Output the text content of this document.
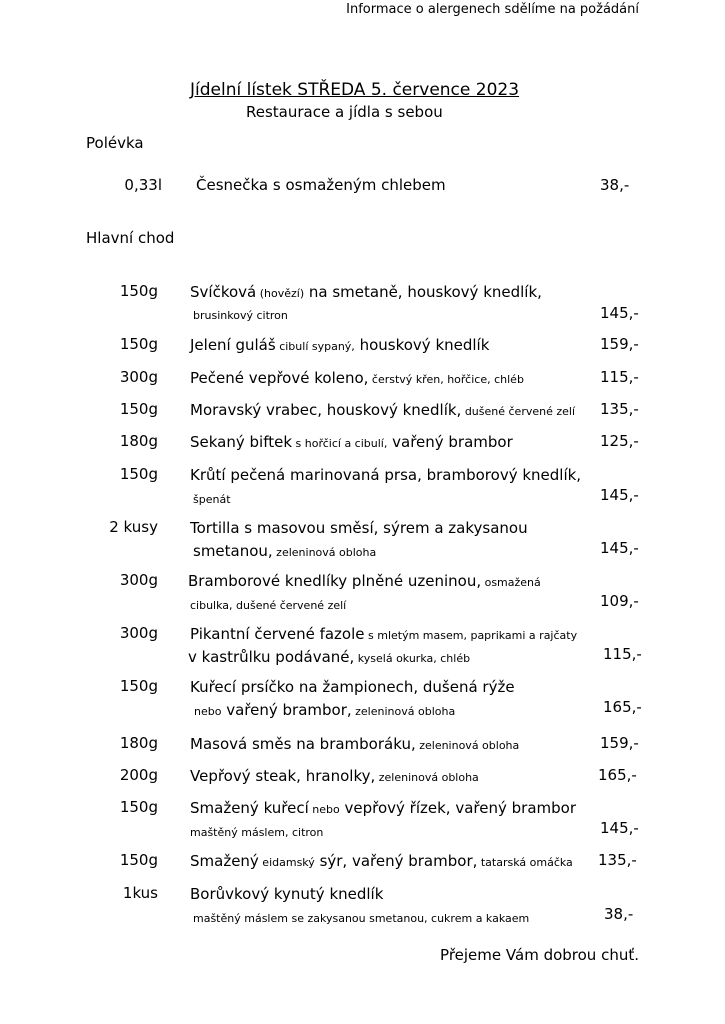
Informace o alergenech sdělíme na požádání
Jídelní lístek STŘEDA 5. července 2023
Restaurace a jídla s sebou
Polévka
0,33l Česnečka s osmaženým chlebem	38,-
Hlavní chod
150g Svíčková (hovězí) na smetaně, houskový knedlík,
brusinkový citron	145,-
150g Jelení guláš cibulí sypaný, houskový knedlík	159,-
300g Pečené vepřové koleno, čerstvý křen, hořčice, chléb	115,-
150g Moravský vrabec, houskový knedlík, dušené červené zelí 135,-
180g Sekaný biftek s hořčicí a cibulí, vařený brambor	125,-
150g Krůtí pečená marinovaná prsa, bramborový knedlík,
špenát	145,-
2 kusy Tortilla s masovou směsí, sýrem a zakysanou
smetanou, zeleninová obloha	145,-
300g Bramborové knedlíky plněné uzeninou, osmažená
cibulka, dušené červené zelí	109,-
300g Pikantní červené fazole s mletým masem, paprikami a rajčaty
v kastrůlku podávané, kyselá okurka, chléb	115,-
150g Kuřecí prsíčko na žampionech, dušená rýže
nebo vařený brambor, zeleninová obloha	165,-
180g Masová směs na bramboráku, zeleninová obloha	159,-
200g Vepřový steak, hranolky, zeleninová obloha	165,-
150g Smažený kuřecí nebo vepřový řízek, vařený brambor
maštěný máslem, citron	145,-
150g Smažený eidamský sýr, vařený brambor, tatarská omáčka 135,-
1kus Borůvkový kynutý knedlík
maštěný máslem se zakysanou smetanou, cukrem a kakaem	38,-
Přejeme Vám dobrou chuť.
